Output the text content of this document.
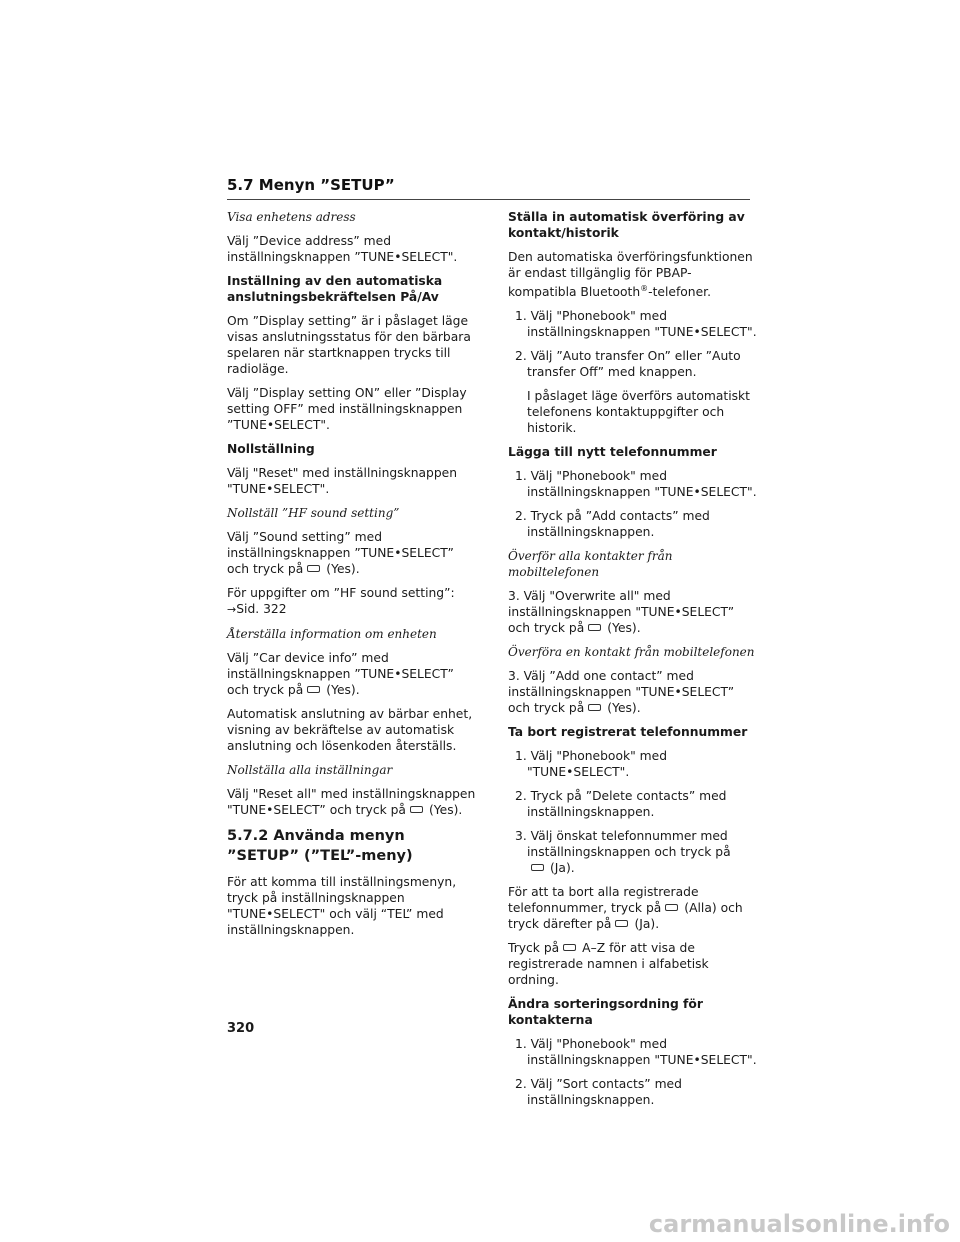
5.7 Menyn ”SETUP”

Visa enhetens adress

Välj ”Device address” med inställningsknappen ”TUNE•SELECT".

Inställning av den automatiska anslutningsbekräftelsen På/Av

Om ”Display setting” är i påslaget läge visas anslutningsstatus för den bärbara spelaren när startknappen trycks till radioläge.

Välj ”Display setting ON” eller ”Display setting OFF” med inställningsknappen ”TUNE•SELECT".

Nollställning

Välj "Reset" med inställningsknappen "TUNE•SELECT".

Nollställ ”HF sound setting”

Välj ”Sound setting” med inställningsknappen ”TUNE•SELECT” och tryck på (Yes).

För uppgifter om ”HF sound setting”:
→Sid. 322

Återställa information om enheten

Välj ”Car device info” med inställningsknappen ”TUNE•SELECT” och tryck på (Yes).

Automatisk anslutning av bärbar enhet, visning av bekräftelse av automatisk anslutning och lösenkoden återställs.

Nollställa alla inställningar

Välj "Reset all" med inställningsknappen "TUNE•SELECT” och tryck på (Yes).

5.7.2 Använda menyn ”SETUP” (”TEL”-meny)

För att komma till inställningsmenyn, tryck på inställningsknappen "TUNE•SELECT" och välj “TEL” med inställningsknappen.

Ställa in automatisk överföring av kontakt/historik

Den automatiska överföringsfunktionen är endast tillgänglig för PBAP-kompatibla Bluetooth®-telefoner.

1. Välj "Phonebook" med inställningsknappen "TUNE•SELECT".

2. Välj ”Auto transfer On” eller ”Auto transfer Off” med knappen.

I påslaget läge överförs automatiskt telefonens kontaktuppgifter och historik.

Lägga till nytt telefonnummer

1. Välj "Phonebook" med inställningsknappen "TUNE•SELECT".

2. Tryck på ”Add contacts” med inställningsknappen.

Överför alla kontakter från mobiltelefonen

3. Välj "Overwrite all" med inställningsknappen "TUNE•SELECT” och tryck på (Yes).

Överföra en kontakt från mobiltelefonen

3. Välj ”Add one contact” med inställningsknappen "TUNE•SELECT” och tryck på (Yes).

Ta bort registrerat telefonnummer

1. Välj "Phonebook" med "TUNE•SELECT".

2. Tryck på ”Delete contacts” med inställningsknappen.

3. Välj önskat telefonnummer med inställningsknappen och tryck på
(Ja).

För att ta bort alla registrerade telefonnummer, tryck på (Alla) och tryck därefter på (Ja).

Tryck på A–Z för att visa de registrerade namnen i alfabetisk ordning.

Ändra sorteringsordning för kontakterna

1. Välj "Phonebook" med inställningsknappen "TUNE•SELECT".

2. Välj ”Sort contacts” med inställningsknappen.

320
carmanualsonline.info
